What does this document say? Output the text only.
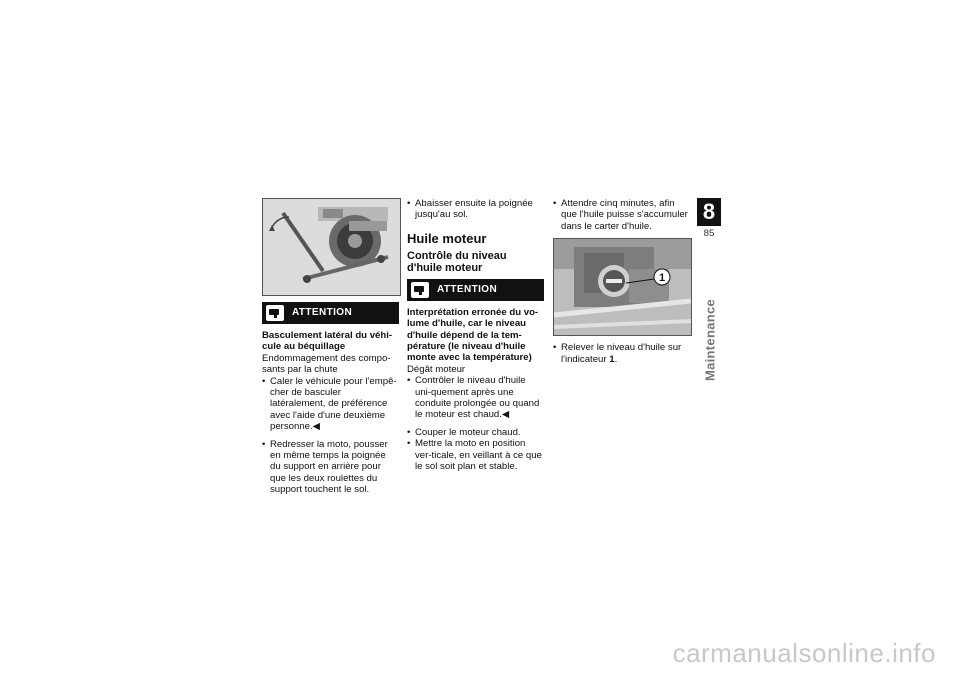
ATTENTION

Basculement latéral du véhi-cule au béquillage

Endommagement des compo-sants par la chute

• Caler le véhicule pour l'empê-cher de basculer latéralement, de préférence avec l'aide d'une deuxième personne.◀
• Redresser la moto, pousser en même temps la poignée du support en arrière pour que les deux roulettes du support touchent le sol.
• Abaisser ensuite la poignée jusqu'au sol.
Huile moteur
Contrôle du niveau d'huile moteur
ATTENTION

Interprétation erronée du vo-lume d'huile, car le niveau d'huile dépend de la tem-pérature (le niveau d'huile monte avec la température)

Dégât moteur

• Contrôler le niveau d'huile uni-quement après une conduite prolongée ou quand le moteur est chaud.◀
• Couper le moteur chaud.
• Mettre la moto en position ver-ticale, en veillant à ce que le sol soit plan et stable.
• Attendre cinq minutes, afin que l'huile puisse s'accumuler dans le carter d'huile.
1
• Relever le niveau d'huile sur l'indicateur 1.
8
85
Maintenance
carmanualsonline.info
